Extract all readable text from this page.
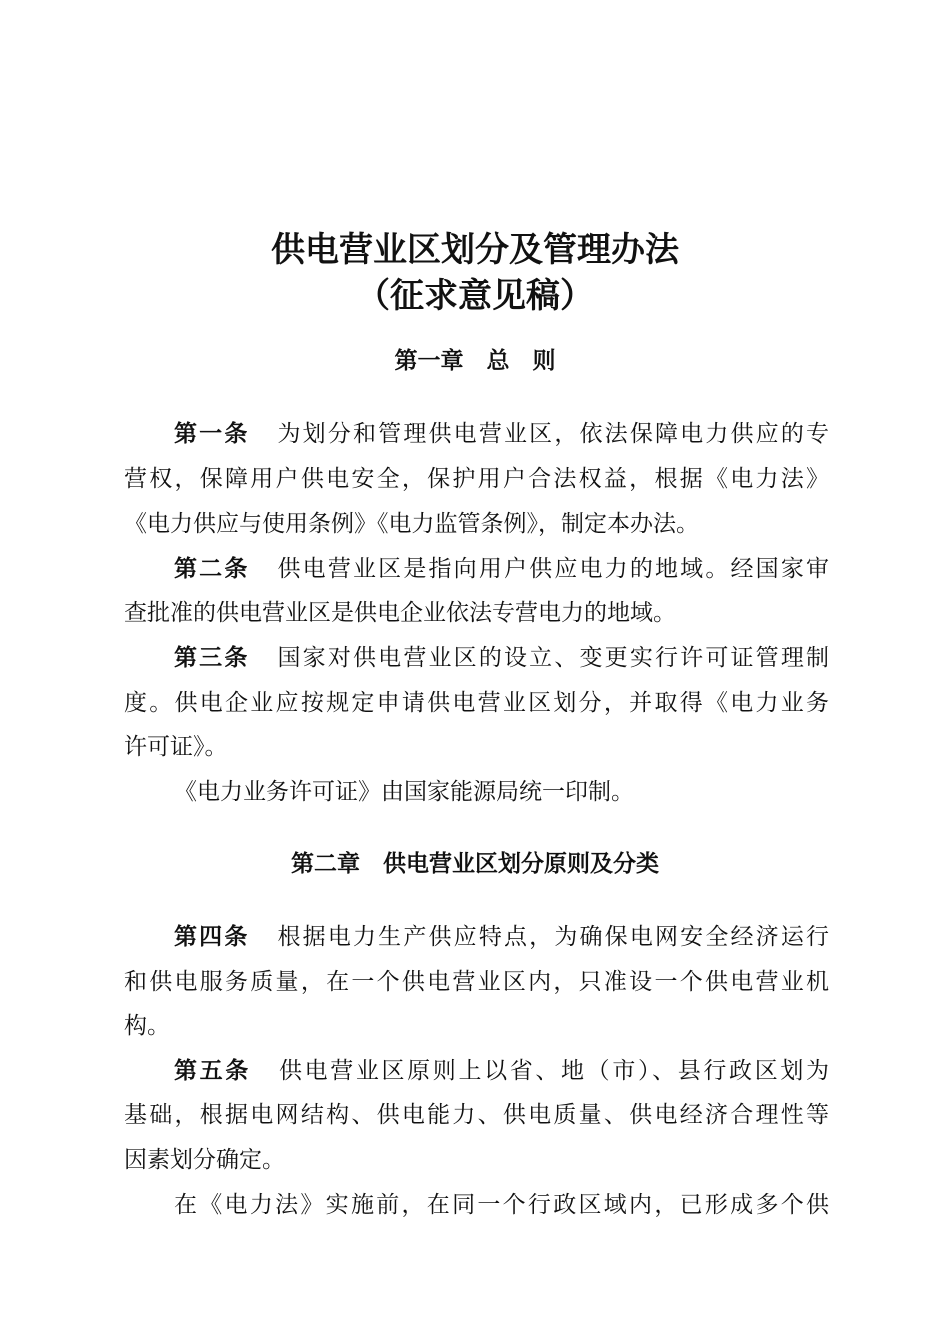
供电营业区划分及管理办法
（征求意见稿）
第一章　总　则
第一条 为划分和管理供电营业区，依法保障电力供应的专
营权，保障用户供电安全，保护用户合法权益，根据《电力法》
《电力供应与使用条例》《电力监管条例》，制定本办法。
第二条 供电营业区是指向用户供应电力的地域。经国家审
查批准的供电营业区是供电企业依法专营电力的地域。
第三条 国家对供电营业区的设立、变更实行许可证管理制
度。供电企业应按规定申请供电营业区划分，并取得《电力业务
许可证》。
《电力业务许可证》由国家能源局统一印制。
第二章　供电营业区划分原则及分类
第四条 根据电力生产供应特点，为确保电网安全经济运行
和供电服务质量，在一个供电营业区内，只准设一个供电营业机
构。
第五条 供电营业区原则上以省、地（市）、县行政区划为
基础，根据电网结构、供电能力、供电质量、供电经济合理性等
因素划分确定。
在《电力法》实施前，在同一个行政区域内，已形成多个供
